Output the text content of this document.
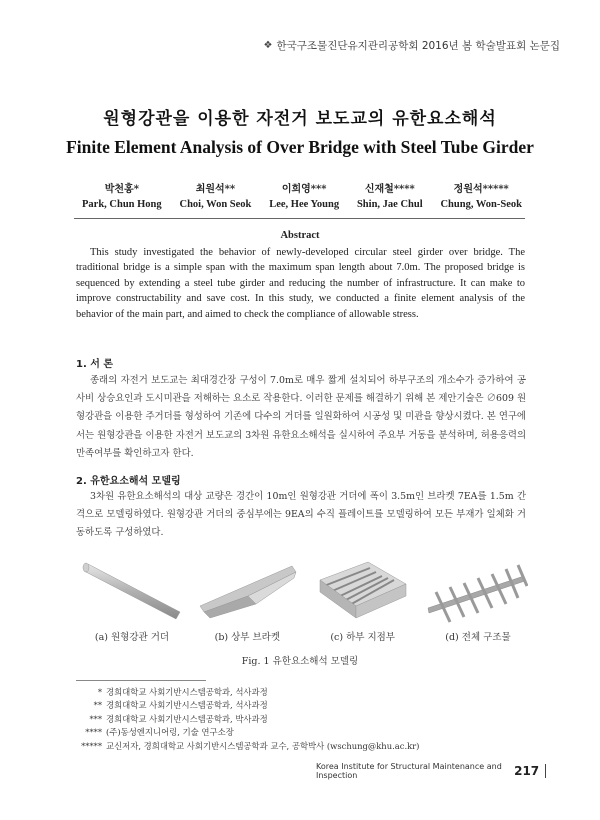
❖ 한국구조물진단유지관리공학회 2016년 봄 학술발표회 논문집
원형강관을 이용한 자전거 보도교의 유한요소해석
Finite Element Analysis of Over Bridge with Steel Tube Girder
박천홍*
Park, Chun Hong
최원석**
Choi, Won Seok
이희영***
Lee, Hee Young
신재철****
Shin, Jae Chul
정원석*****
Chung, Won-Seok
Abstract
This study investigated the behavior of newly-developed circular steel girder over bridge. The traditional bridge is a simple span with the maximum span length about 7.0m. The proposed bridge is sequenced by extending a steel tube girder and reducing the number of infrastructure. It can make to improve constructability and save cost. In this study, we conducted a finite element analysis of the behavior of the main part, and aimed to check the compliance of allowable stress.
1. 서 론
종래의 자전거 보도교는 최대경간장 구성이 7.0m로 매우 짧게 설치되어 하부구조의 개소수가 증가하여 공사비 상승요인과 도시미관을 저해하는 요소로 작용한다. 이러한 문제를 해결하기 위해 본 제안기술은 ∅609 원형강관을 이용한 주거더를 형성하여 기존에 다수의 거더를 일원화하여 시공성 및 미관을 향상시켰다. 본 연구에서는 원형강관을 이용한 자전거 보도교의 3차원 유한요소해석을 실시하여 주요부 거동을 분석하며, 허용응력의 만족여부를 확인하고자 한다.
2. 유한요소해석 모델링
3차원 유한요소해석의 대상 교량은 경간이 10m인 원형강관 거더에 폭이 3.5m인 브라켓 7EA를 1.5m 간격으로 모델링하였다. 원형강관 거더의 중심부에는 9EA의 수직 플레이트를 모델링하여 모든 부재가 일체화 거동하도록 구성하였다.
(a) 원형강관 거더	(b) 상부 브라켓	(c) 하부 지점부	(d) 전체 구조물
Fig. 1 유한요소해석 모델링
* 경희대학교 사회기반시스템공학과, 석사과정
** 경희대학교 사회기반시스템공학과, 석사과정
*** 경희대학교 사회기반시스템공학과, 박사과정
**** (주)동성엔지니어링, 기술 연구소장
***** 교신저자, 경희대학교 사회기반시스템공학과 교수, 공학박사 (wschung@khu.ac.kr)
Korea Institute for Structural Maintenance and Inspection	217
